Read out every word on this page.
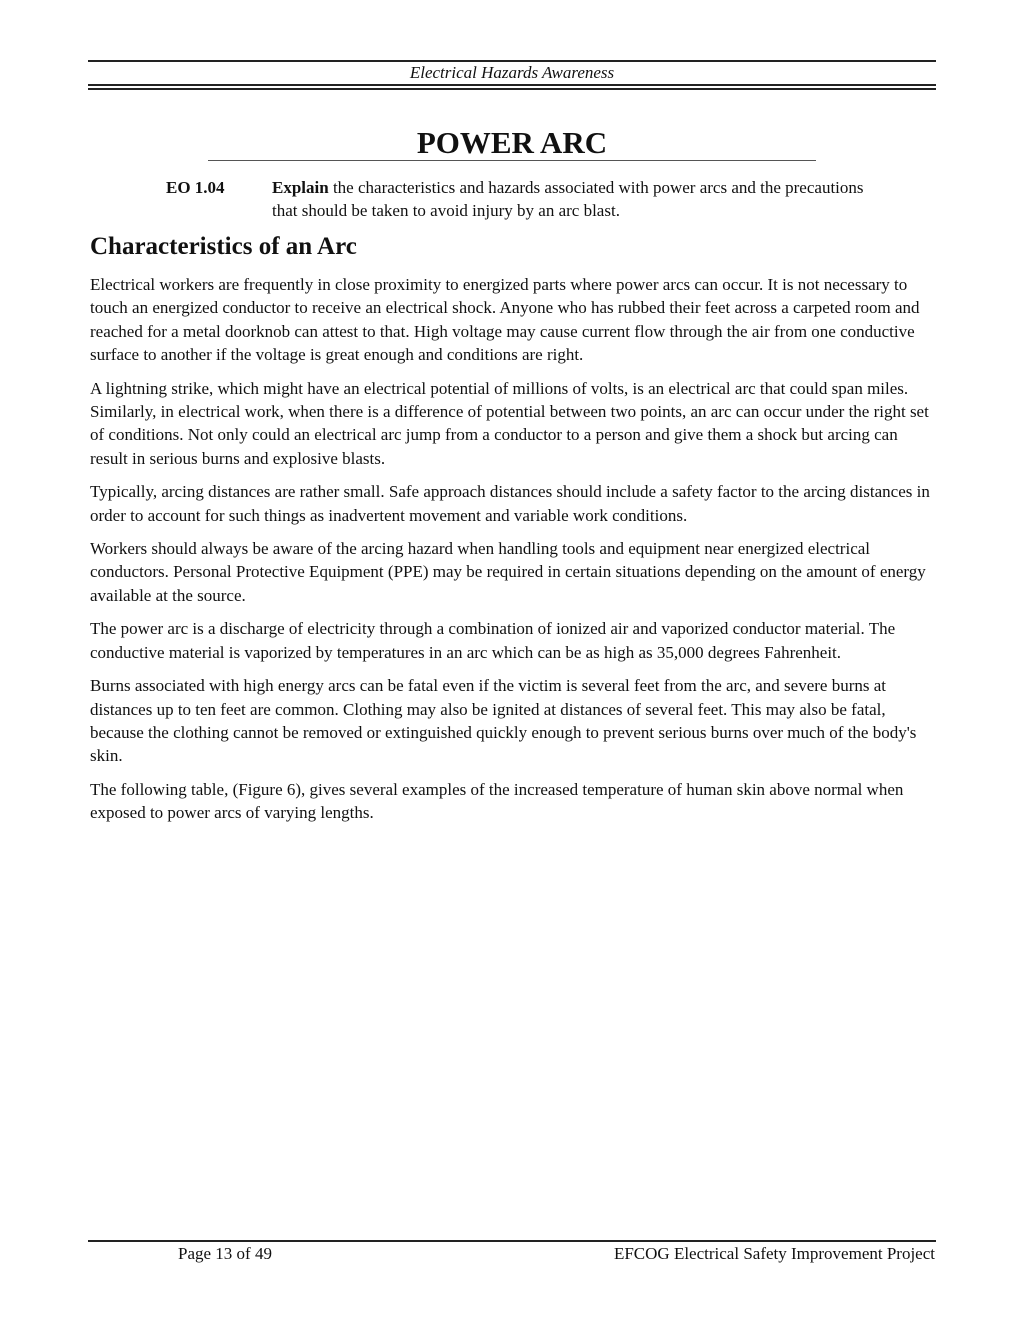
Electrical Hazards Awareness
POWER ARC
EO 1.04	Explain the characteristics and hazards associated with power arcs and the precautions that should be taken to avoid injury by an arc blast.
Characteristics of an Arc

Electrical workers are frequently in close proximity to energized parts where power arcs can occur. It is not necessary to touch an energized conductor to receive an electrical shock. Anyone who has rubbed their feet across a carpeted room and reached for a metal doorknob can attest to that. High voltage may cause current flow through the air from one conductive surface to another if the voltage is great enough and conditions are right.

A lightning strike, which might have an electrical potential of millions of volts, is an electrical arc that could span miles. Similarly, in electrical work, when there is a difference of potential between two points, an arc can occur under the right set of conditions. Not only could an electrical arc jump from a conductor to a person and give them a shock but arcing can result in serious burns and explosive blasts.

Typically, arcing distances are rather small. Safe approach distances should include a safety factor to the arcing distances in order to account for such things as inadvertent movement and variable work conditions.

Workers should always be aware of the arcing hazard when handling tools and equipment near energized electrical conductors. Personal Protective Equipment (PPE) may be required in certain situations depending on the amount of energy available at the source.

The power arc is a discharge of electricity through a combination of ionized air and vaporized conductor material. The conductive material is vaporized by temperatures in an arc which can be as high as 35,000 degrees Fahrenheit.

Burns associated with high energy arcs can be fatal even if the victim is several feet from the arc, and severe burns at distances up to ten feet are common. Clothing may also be ignited at distances of several feet. This may also be fatal, because the clothing cannot be removed or extinguished quickly enough to prevent serious burns over much of the body's skin.

The following table, (Figure 6), gives several examples of the increased temperature of human skin above normal when exposed to power arcs of varying lengths.

Page 13 of 49	EFCOG Electrical Safety Improvement Project
